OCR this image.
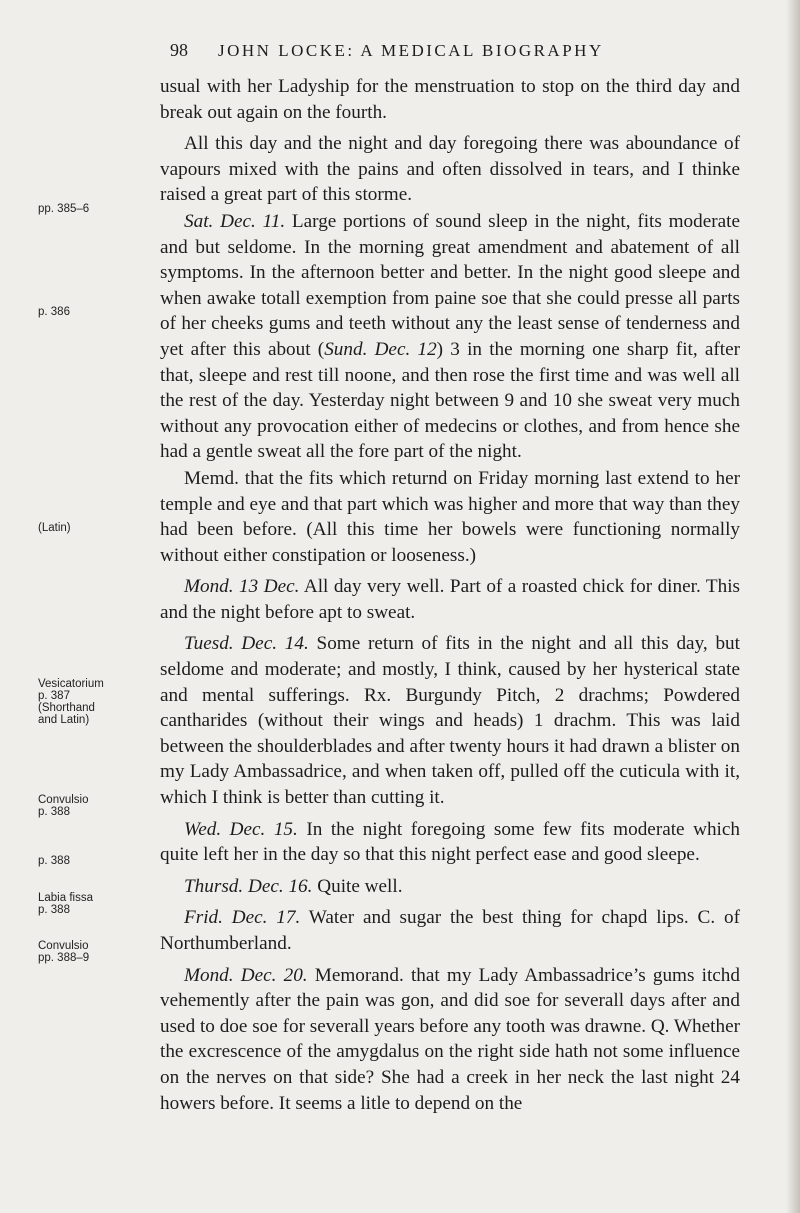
98 JOHN LOCKE: A MEDICAL BIOGRAPHY
pp. 385–6
p. 386
(Latin)
Vesicatorium
p. 387
(Shorthand
and Latin)
Convulsio
p. 388
p. 388
Labia fissa
p. 388
Convulsio
pp. 388–9

usual with her Ladyship for the menstruation to stop on the third day and break out again on the fourth.

All this day and the night and day foregoing there was aboundance of vapours mixed with the pains and often dissolved in tears, and I thinke raised a great part of this storme.

Sat. Dec. 11. Large portions of sound sleep in the night, fits moderate and but seldome. In the morning great amendment and abatement of all symptoms. In the afternoon better and better. In the night good sleepe and when awake totall exemption from paine soe that she could presse all parts of her cheeks gums and teeth without any the least sense of tenderness and yet after this about (Sund. Dec. 12) 3 in the morning one sharp fit, after that, sleepe and rest till noone, and then rose the first time and was well all the rest of the day. Yesterday night between 9 and 10 she sweat very much without any provocation either of medecins or clothes, and from hence she had a gentle sweat all the fore part of the night.

Memd. that the fits which returnd on Friday morning last extend to her temple and eye and that part which was higher and more that way than they had been before. (All this time her bowels were functioning normally without either constipation or looseness.)

Mond. 13 Dec. All day very well. Part of a roasted chick for diner. This and the night before apt to sweat.

Tuesd. Dec. 14. Some return of fits in the night and all this day, but seldome and moderate; and mostly, I think, caused by her hysterical state and mental sufferings. Rx. Burgundy Pitch, 2 drachms; Powdered cantharides (without their wings and heads) 1 drachm. This was laid between the shoulderblades and after twenty hours it had drawn a blister on my Lady Ambassadrice, and when taken off, pulled off the cuticula with it, which I think is better than cutting it.

Wed. Dec. 15. In the night foregoing some few fits moderate which quite left her in the day so that this night perfect ease and good sleepe.

Thursd. Dec. 16. Quite well.

Frid. Dec. 17. Water and sugar the best thing for chapd lips. C. of Northumberland.

Mond. Dec. 20. Memorand. that my Lady Ambassadrice’s gums itchd vehemently after the pain was gon, and did soe for severall days after and used to doe soe for severall years before any tooth was drawne. Q. Whether the excrescence of the amygdalus on the right side hath not some influence on the nerves on that side? She had a creek in her neck the last night 24 howers before. It seems a litle to depend on the
